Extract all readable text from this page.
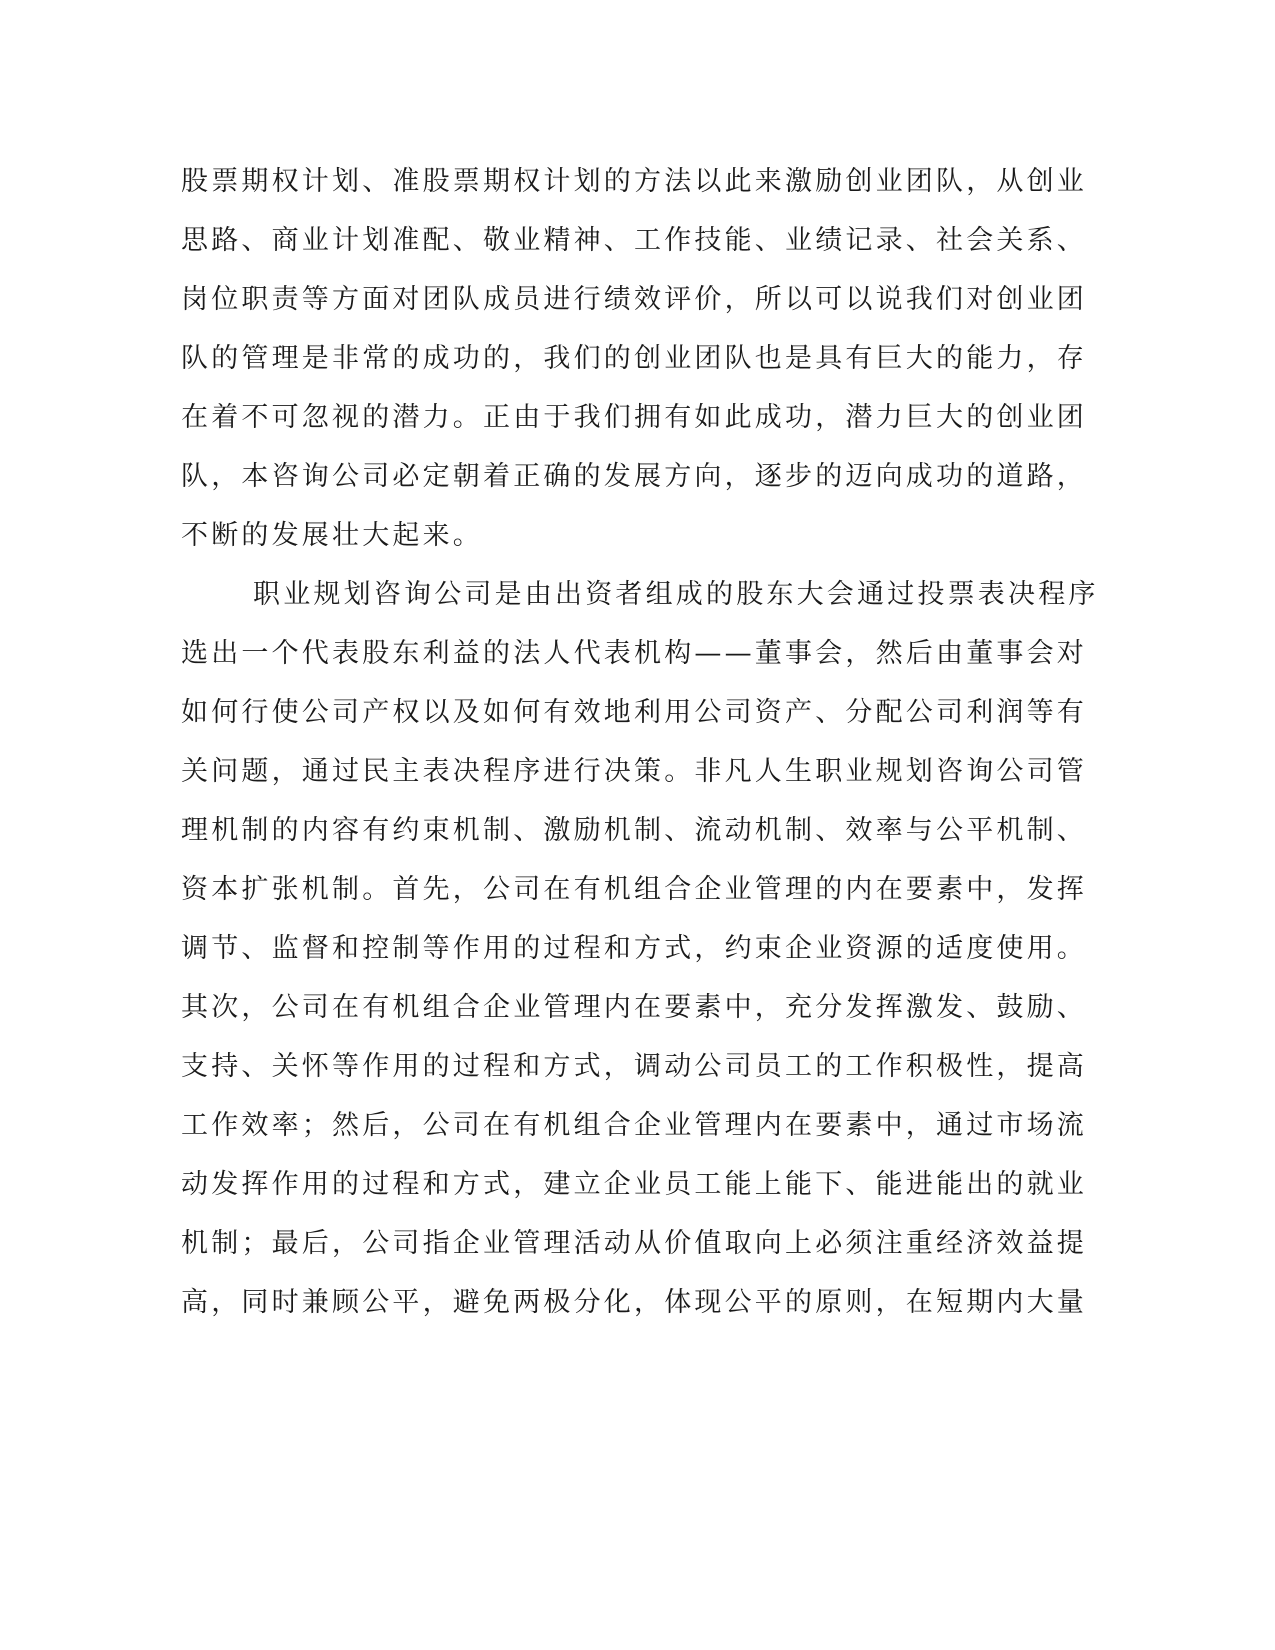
股票期权计划、准股票期权计划的方法以此来激励创业团队，从创业
思路、商业计划准配、敬业精神、工作技能、业绩记录、社会关系、
岗位职责等方面对团队成员进行绩效评价，所以可以说我们对创业团
队的管理是非常的成功的，我们的创业团队也是具有巨大的能力，存
在着不可忽视的潜力。正由于我们拥有如此成功，潜力巨大的创业团
队，本咨询公司必定朝着正确的发展方向，逐步的迈向成功的道路，
不断的发展壮大起来。
职业规划咨询公司是由出资者组成的股东大会通过投票表决程序
选出一个代表股东利益的法人代表机构——董事会，然后由董事会对
如何行使公司产权以及如何有效地利用公司资产、分配公司利润等有
关问题，通过民主表决程序进行决策。非凡人生职业规划咨询公司管
理机制的内容有约束机制、激励机制、流动机制、效率与公平机制、
资本扩张机制。首先，公司在有机组合企业管理的内在要素中，发挥
调节、监督和控制等作用的过程和方式，约束企业资源的适度使用。
其次，公司在有机组合企业管理内在要素中，充分发挥激发、鼓励、
支持、关怀等作用的过程和方式，调动公司员工的工作积极性，提高
工作效率；然后，公司在有机组合企业管理内在要素中，通过市场流
动发挥作用的过程和方式，建立企业员工能上能下、能进能出的就业
机制；最后，公司指企业管理活动从价值取向上必须注重经济效益提
高，同时兼顾公平，避免两极分化，体现公平的原则，在短期内大量
